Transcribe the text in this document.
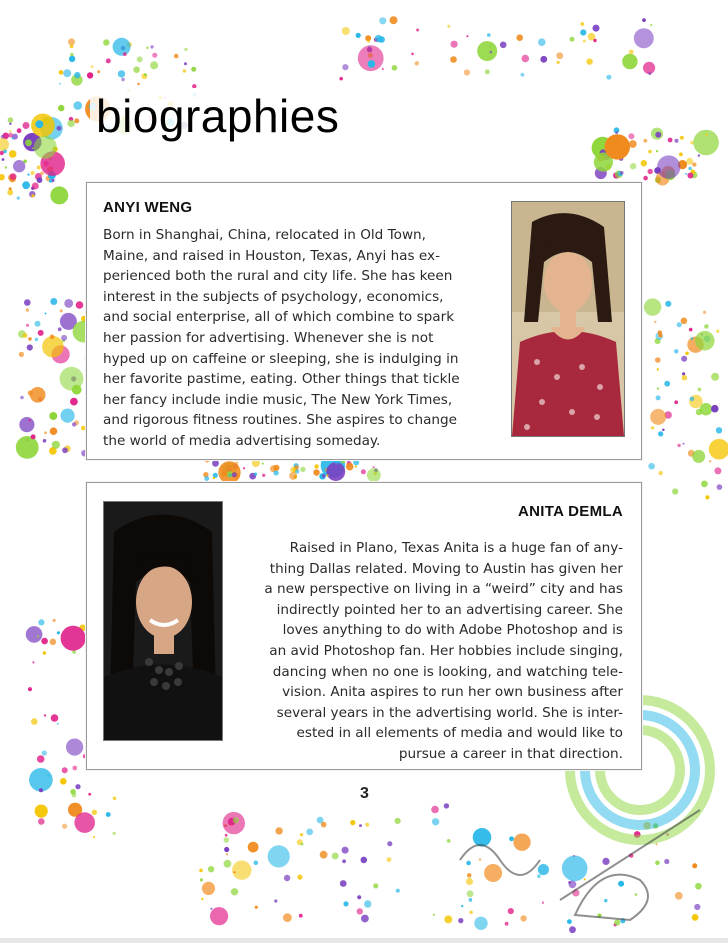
biographies
ANYI WENG
Born in Shanghai, China, relocated in Old Town,
Maine, and raised in Houston, Texas, Anyi has ex-
perienced both the rural and city life. She has keen
interest in the subjects of psychology, economics,
and social enterprise, all of which combine to spark
her passion for advertising. Whenever she is not
hyped up on caffeine or sleeping, she is indulging in
her favorite pastime, eating. Other things that tickle
her fancy include indie music, The New York Times,
and rigorous fitness routines. She aspires to change
the world of media advertising someday.
ANITA DEMLA
Raised in Plano, Texas Anita is a huge fan of any-
thing Dallas related. Moving to Austin has given her
a new perspective on living in a “weird” city and has
indirectly pointed her to an advertising career. She
loves anything to do with Adobe Photoshop and is
an avid Photoshop fan. Her hobbies include singing,
dancing when no one is looking, and watching tele-
vision. Anita aspires to run her own business after
several years in the advertising world. She is inter-
ested in all elements of media and would like to
pursue a career in that direction.
3
